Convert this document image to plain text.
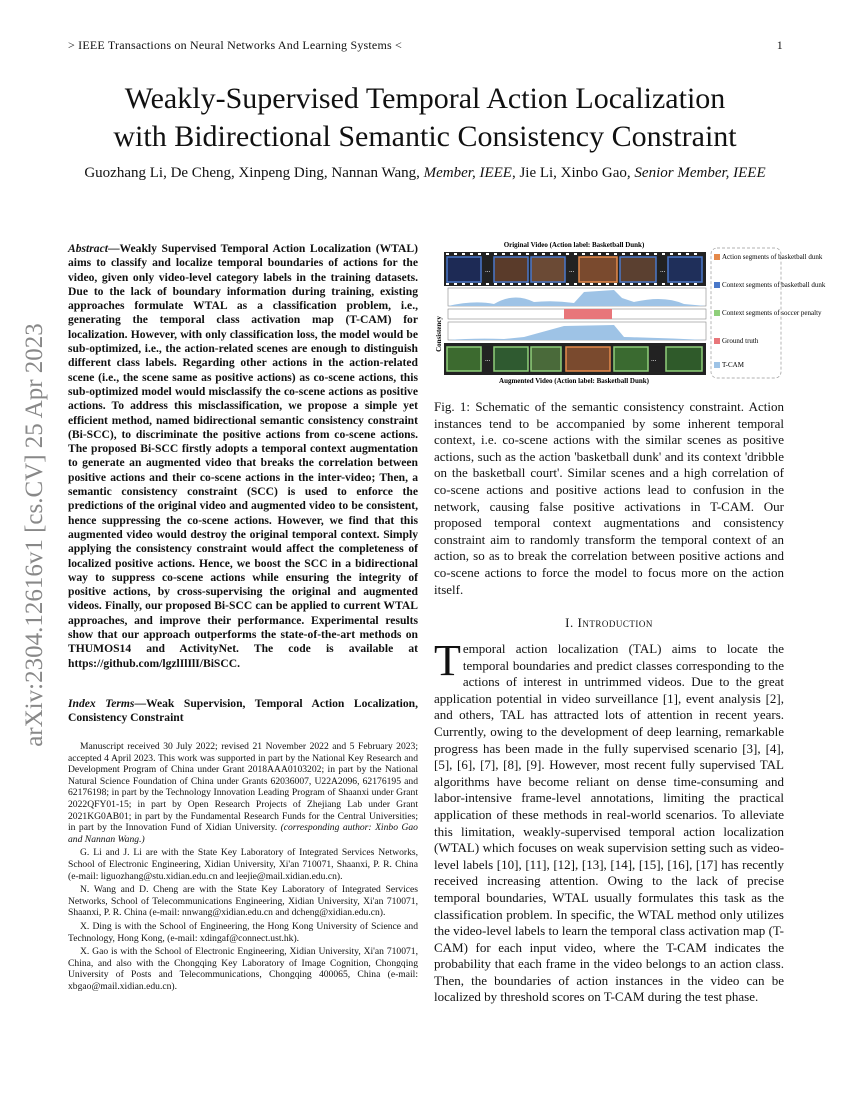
> IEEE Transactions on Neural Networks And Learning Systems <	1
Weakly-Supervised Temporal Action Localization
with Bidirectional Semantic Consistency Constraint
Guozhang Li, De Cheng, Xinpeng Ding, Nannan Wang, Member, IEEE, Jie Li, Xinbo Gao, Senior Member, IEEE
arXiv:2304.12616v1 [cs.CV] 25 Apr 2023
Abstract—Weakly Supervised Temporal Action Localization (WTAL) aims to classify and localize temporal boundaries of actions for the video, given only video-level category labels in the training datasets. Due to the lack of boundary information during training, existing approaches formulate WTAL as a classification problem, i.e., generating the temporal class activation map (T-CAM) for localization. However, with only classification loss, the model would be sub-optimized, i.e., the action-related scenes are enough to distinguish different class labels. Regarding other actions in the action-related scene (i.e., the scene same as positive actions) as co-scene actions, this sub-optimized model would misclassify the co-scene actions as positive actions. To address this misclassification, we propose a simple yet efficient method, named bidirectional semantic consistency constraint (Bi-SCC), to discriminate the positive actions from co-scene actions. The proposed Bi-SCC firstly adopts a temporal context augmentation to generate an augmented video that breaks the correlation between positive actions and their co-scene actions in the inter-video; Then, a semantic consistency constraint (SCC) is used to enforce the predictions of the original video and augmented video to be consistent, hence suppressing the co-scene actions. However, we find that this augmented video would destroy the original temporal context. Simply applying the consistency constraint would affect the completeness of localized positive actions. Hence, we boost the SCC in a bidirectional way to suppress co-scene actions while ensuring the integrity of positive actions, by cross-supervising the original and augmented videos. Finally, our proposed Bi-SCC can be applied to current WTAL approaches, and improve their performance. Experimental results show that our approach outperforms the state-of-the-art methods on THUMOS14 and ActivityNet. The code is available at https://github.com/lgzlIlIlI/BiSCC.
Index Terms—Weak Supervision, Temporal Action Localization, Consistency Constraint

Manuscript received 30 July 2022; revised 21 November 2022 and 5 February 2023; accepted 4 April 2023. This work was supported in part by the National Key Research and Development Program of China under Grant 2018AAA0103202; in part by the National Natural Science Foundation of China under Grants 62036007, U22A2096, 62176195 and 62176198; in part by the Technology Innovation Leading Program of Shaanxi under Grant 2022QFY01-15; in part by Open Research Projects of Zhejiang Lab under Grant 2021KG0AB01; in part by the Fundamental Research Funds for the Central Universities; in part by the Innovation Fund of Xidian University. (corresponding author: Xinbo Gao and Nannan Wang.)

G. Li and J. Li are with the State Key Laboratory of Integrated Services Networks, School of Electronic Engineering, Xidian University, Xi'an 710071, Shaanxi, P. R. China (e-mail: liguozhang@stu.xidian.edu.cn and leejie@mail.xidian.edu.cn).

N. Wang and D. Cheng are with the State Key Laboratory of Integrated Services Networks, School of Telecommunications Engineering, Xidian University, Xi'an 710071, Shaanxi, P. R. China (e-mail: nnwang@xidian.edu.cn and dcheng@xidian.edu.cn).

X. Ding is with the School of Engineering, the Hong Kong University of Science and Technology, Hong Kong, (e-mail: xdingaf@connect.ust.hk).

X. Gao is with the School of Electronic Engineering, Xidian University, Xi'an 710071, China, and also with the Chongqing Key Laboratory of Image Cognition, Chongqing University of Posts and Telecommunications, Chongqing 400065, China (e-mail: xbgao@mail.xidian.edu.cn).

Original Video (Action label: Basketball Dunk)
...	...	...
Consistency
...	...
Augmented Video (Action label: Basketball Dunk)
Action segments of basketball dunk
Context segments of basketball dunk
Context segments of soccer penalty
Ground truth
T-CAM
Fig. 1: Schematic of the semantic consistency constraint. Action instances tend to be accompanied by some inherent temporal context, i.e. co-scene actions with the similar scenes as positive actions, such as the action 'basketball dunk' and its context 'dribble on the basketball court'. Similar scenes and a high correlation of co-scene actions and positive actions lead to confusion in the network, causing false positive activations in T-CAM. Our proposed temporal context augmentations and consistency constraint aim to randomly transform the temporal context of an action, so as to break the correlation between positive actions and co-scene actions to force the model to focus more on the action itself.
I. Introduction
Temporal action localization (TAL) aims to locate the temporal boundaries and predict classes corresponding to the actions of interest in untrimmed videos. Due to the great application potential in video surveillance [1], event analysis [2], and others, TAL has attracted lots of attention in recent years. Currently, owing to the development of deep learning, remarkable progress has been made in the fully supervised scenario [3], [4], [5], [6], [7], [8], [9]. However, most recent fully supervised TAL algorithms have become reliant on dense time-consuming and labor-intensive frame-level annotations, limiting the practical application of these methods in real-world scenarios. To alleviate this limitation, weakly-supervised temporal action localization (WTAL) which focuses on weak supervision setting such as video-level labels [10], [11], [12], [13], [14], [15], [16], [17] has recently received increasing attention. Owing to the lack of precise temporal boundaries, WTAL usually formulates this task as the classification problem. In specific, the WTAL method only utilizes the video-level labels to learn the temporal class activation map (T-CAM) for each input video, where the T-CAM indicates the probability that each frame in the video belongs to an action class. Then, the boundaries of action instances in the video can be localized by threshold scores on T-CAM during the test phase.
